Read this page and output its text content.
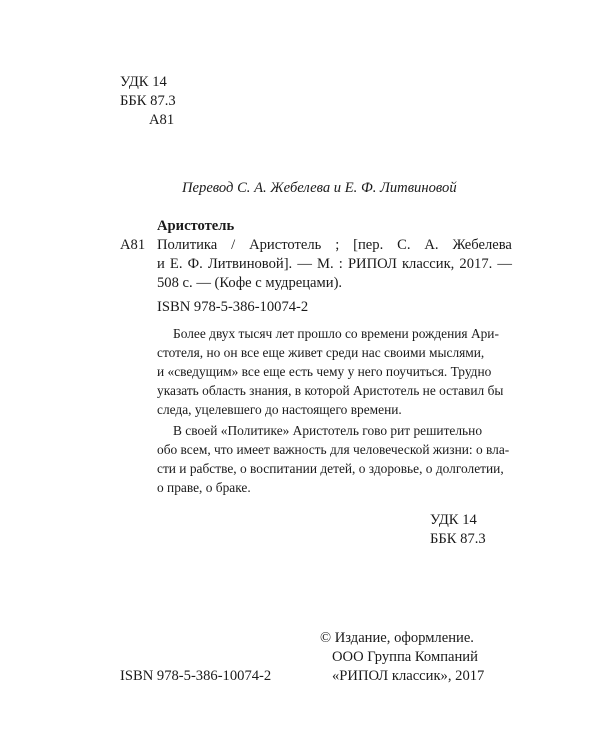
УДК 14
ББК 87.3
А81
Перевод С. А. Жебелева и Е. Ф. Литвиновой
Аристотель
А81 Политика / Аристотель ; [пер. С. А. Жебелева
и Е. Ф. Литвиновой]. — М. : РИПОЛ классик, 2017. —
508 с. — (Кофе с мудрецами).
ISBN 978-5-386-10074-2
Более двух тысяч лет прошло со времени рождения Ари-
стотеля, но он все еще живет среди нас своими мыслями,
и «сведущим» все еще есть чему у него поучиться. Трудно
указать область знания, в которой Аристотель не оставил бы
следа, уцелевшего до настоящего времени.
В своей «Политике» Аристотель гово рит решительно
обо всем, что имеет важность для человеческой жизни: о вла-
сти и рабстве, о воспитании детей, о здоровье, о долголетии,
о праве, о браке.
УДК 14
ББК 87.3
© Издание, оформление.
ООО Группа Компаний
«РИПОЛ классик», 2017
ISBN 978-5-386-10074-2
